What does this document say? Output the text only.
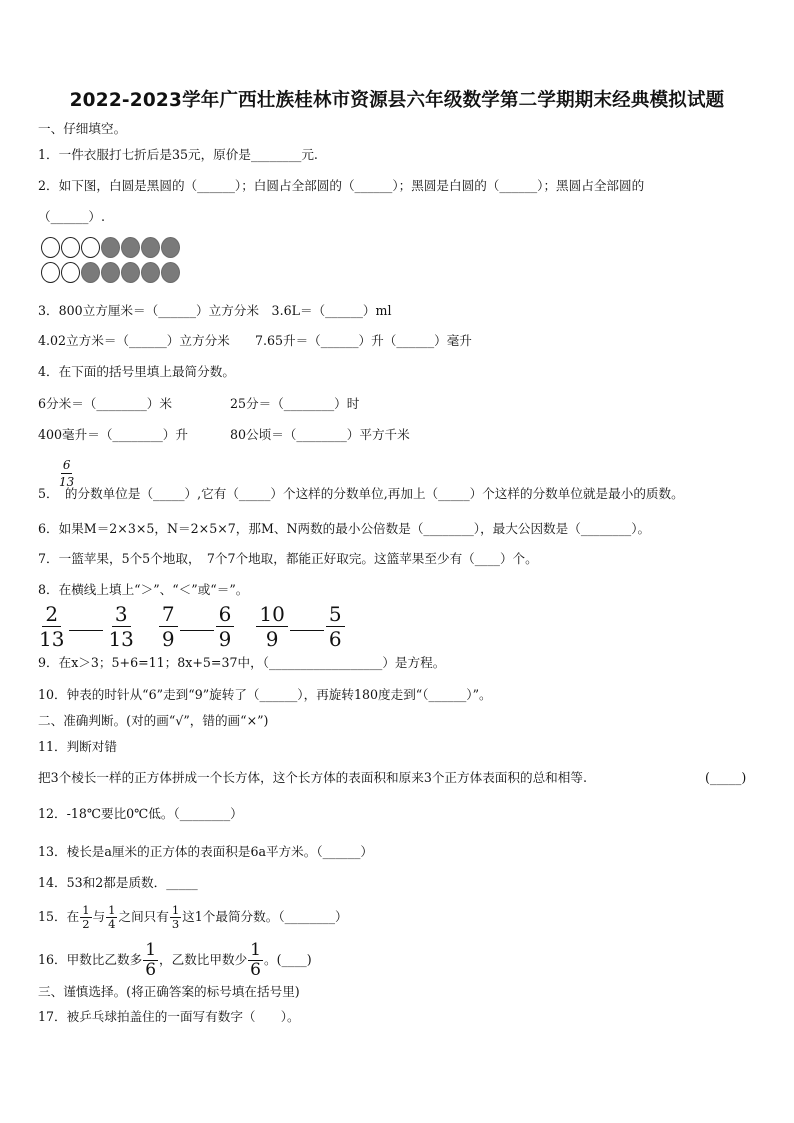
2022-2023学年广西壮族桂林市资源县六年级数学第二学期期末经典模拟试题
一、仔细填空。
1．一件衣服打七折后是35元，原价是________元.
2．如下图，白圆是黑圆的（______）；白圆占全部圆的（______）；黑圆是白圆的（______）；黑圆占全部圆的
（______）.
3．800立方厘米＝（______）立方分米　3.6L＝（______）ml
4.02立方米＝（______）立方分米　　7.65升＝（______）升（______）毫升
4．在下面的括号里填上最简分数。
6分米＝（________）米	25分＝（________）时
400毫升＝（________）升	80公顷＝（________）平方千米
$\frac{6}{13}$
5．　的分数单位是（_____）,它有（_____）个这样的分数单位,再加上（_____）个这样的分数单位就是最小的质数。
6．如果M＝2×3×5，N＝2×5×7，那M、N两数的最小公倍数是（________），最大公因数是（________）。
7．一篮苹果，5个5个地取，　7个7个地取，都能正好取完。这篮苹果至少有（____）个。
8．在横线上填上“＞”、“＜”或“＝”。
2
13
3
13
7
9
6
9
10
9
5
6
9．在x＞3；5+6=11；8x+5=37中，（__________________）是方程。
10．钟表的时针从“6”走到“9”旋转了（______），再旋转180度走到“（______）”。
二、准确判断。(对的画“√”，错的画“×”)
11．判断对错
把3个棱长一样的正方体拼成一个长方体，这个长方体的表面积和原来3个正方体表面积的总和相等.	(_____)
12．-18℃要比0℃低。（________）
13．棱长是a厘米的正方体的表面积是6a平方米。（______）
14．53和2都是质数．_____
15．在 $\frac{1}{2}$ 与 $\frac{1}{4}$ 之间只有 $\frac{1}{3}$ 这1个最简分数。（________）
16．甲数比乙数多 $\frac{1}{6}$ ，乙数比甲数少 $\frac{1}{6}$ 。(____)
三、谨慎选择。(将正确答案的标号填在括号里)
17．被乒乓球拍盖住的一面写有数字（　　）。
